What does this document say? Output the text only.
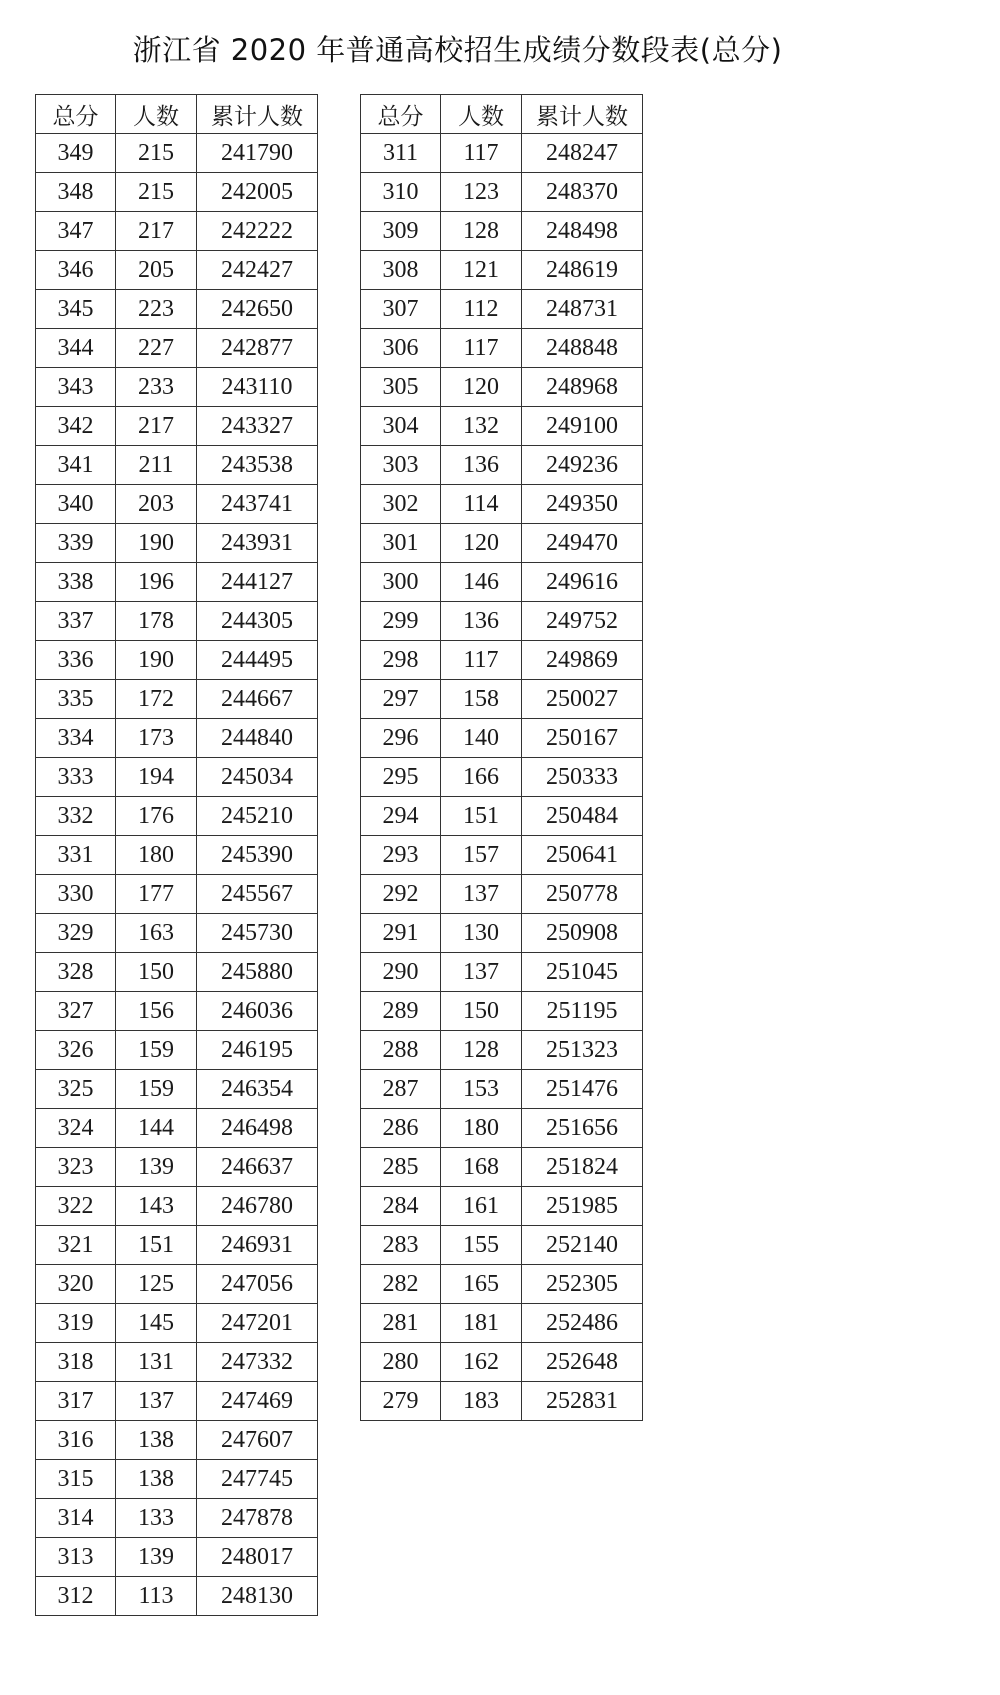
浙江省 2020 年普通高校招生成绩分数段表(总分)
总分	人数	累计人数
349	215	241790
348	215	242005
347	217	242222
346	205	242427
345	223	242650
344	227	242877
343	233	243110
342	217	243327
341	211	243538
340	203	243741
339	190	243931
338	196	244127
337	178	244305
336	190	244495
335	172	244667
334	173	244840
333	194	245034
332	176	245210
331	180	245390
330	177	245567
329	163	245730
328	150	245880
327	156	246036
326	159	246195
325	159	246354
324	144	246498
323	139	246637
322	143	246780
321	151	246931
320	125	247056
319	145	247201
318	131	247332
317	137	247469
316	138	247607
315	138	247745
314	133	247878
313	139	248017
312	113	248130
总分	人数	累计人数
311	117	248247
310	123	248370
309	128	248498
308	121	248619
307	112	248731
306	117	248848
305	120	248968
304	132	249100
303	136	249236
302	114	249350
301	120	249470
300	146	249616
299	136	249752
298	117	249869
297	158	250027
296	140	250167
295	166	250333
294	151	250484
293	157	250641
292	137	250778
291	130	250908
290	137	251045
289	150	251195
288	128	251323
287	153	251476
286	180	251656
285	168	251824
284	161	251985
283	155	252140
282	165	252305
281	181	252486
280	162	252648
279	183	252831
